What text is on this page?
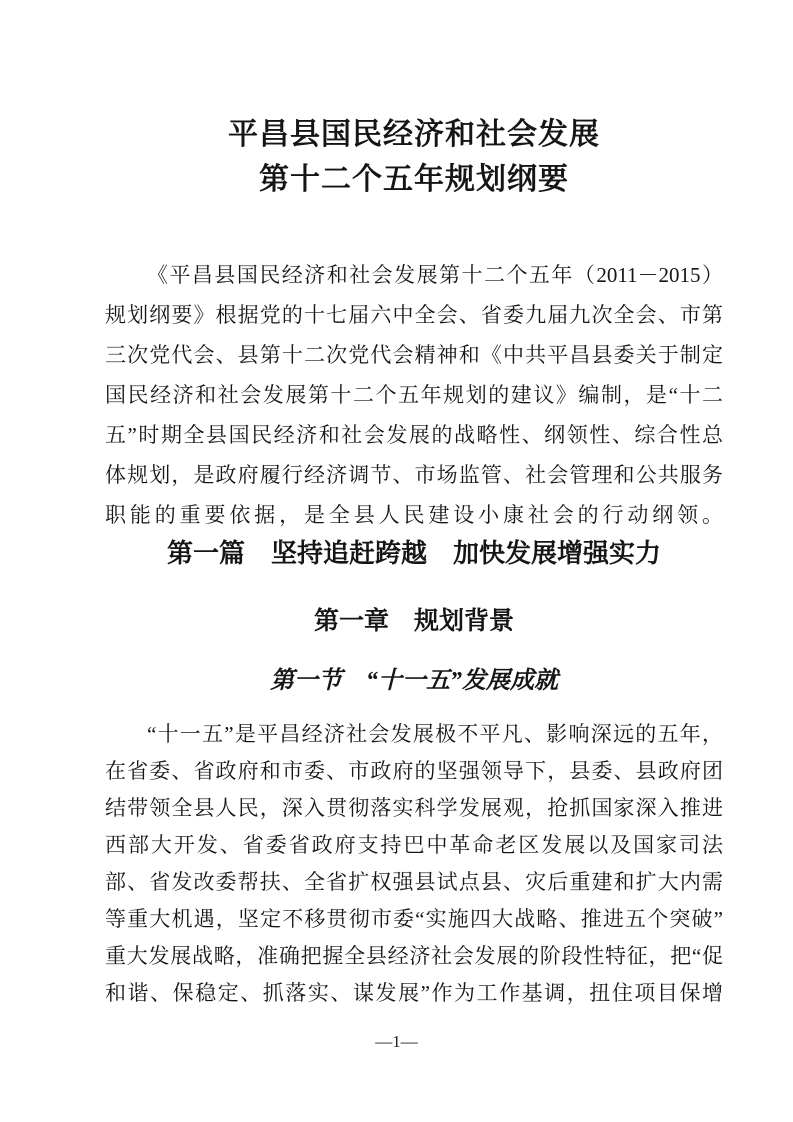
平昌县国民经济和社会发展
第十二个五年规划纲要
《平昌县国民经济和社会发展第十二个五年（2011－2015）
规划纲要》根据党的十七届六中全会、省委九届九次全会、市第
三次党代会、县第十二次党代会精神和《中共平昌县委关于制定
国民经济和社会发展第十二个五年规划的建议》编制，是“十二
五”时期全县国民经济和社会发展的战略性、纲领性、综合性总
体规划，是政府履行经济调节、市场监管、社会管理和公共服务
职能的重要依据，是全县人民建设小康社会的行动纲领。
第一篇　坚持追赶跨越　加快发展增强实力
第一章　规划背景
第一节　“十一五”发展成就
“十一五”是平昌经济社会发展极不平凡、影响深远的五年，
在省委、省政府和市委、市政府的坚强领导下，县委、县政府团
结带领全县人民，深入贯彻落实科学发展观，抢抓国家深入推进
西部大开发、省委省政府支持巴中革命老区发展以及国家司法
部、省发改委帮扶、全省扩权强县试点县、灾后重建和扩大内需
等重大机遇，坚定不移贯彻市委“实施四大战略、推进五个突破”
重大发展战略，准确把握全县经济社会发展的阶段性特征，把“促
和谐、保稳定、抓落实、谋发展”作为工作基调，扭住项目保增
—1—
